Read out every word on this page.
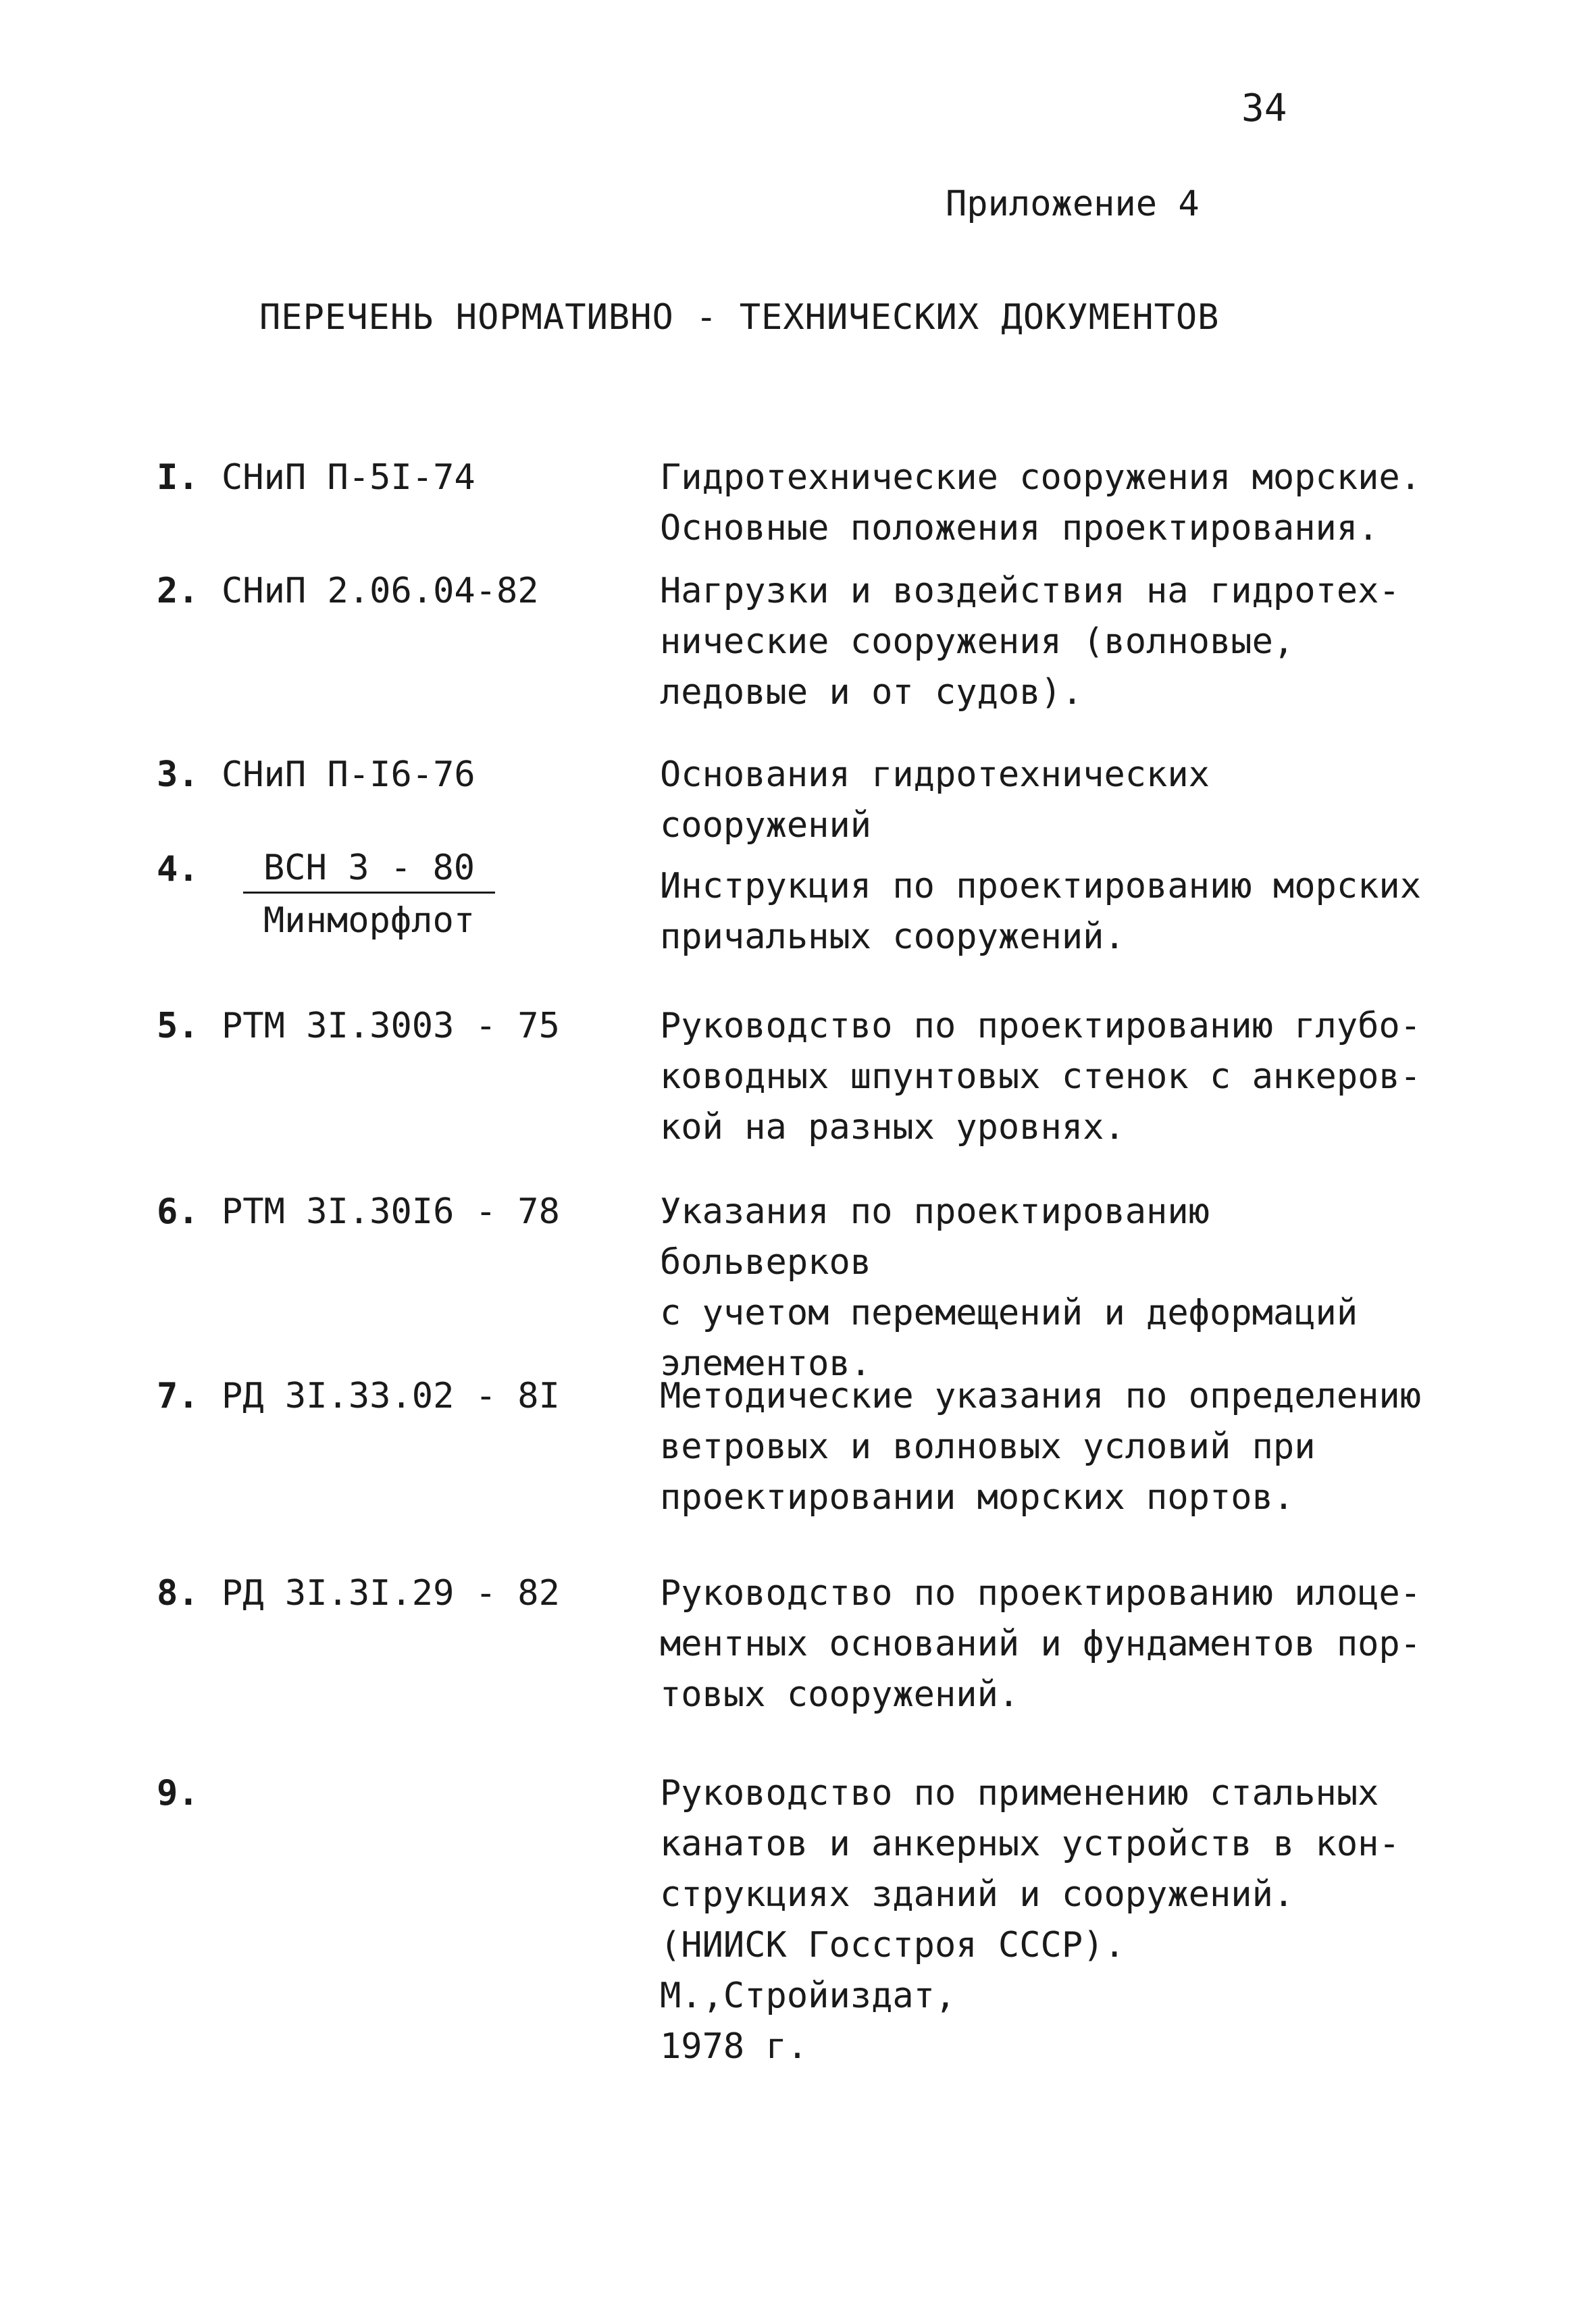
34
Приложение 4
ПЕРЕЧЕНЬ НОРМАТИВНО - ТЕХНИЧЕСКИХ ДОКУМЕНТОВ
I. СНиП П-5I-74	Гидротехнические сооружения морские.
Основные положения проектирования.
2. СНиП 2.06.04-82	Нагрузки и воздействия на гидротех-
нические сооружения (волновые,
ледовые и от судов).
3. СНиП П-I6-76	Основания гидротехнических сооружений
4.	ВСН 3 - 80
Минморфлот
Инструкция по проектированию морских
причальных сооружений.
5. РТМ 3I.3003 - 75	Руководство по проектированию глубо-
ководных шпунтовых стенок с анкеров-
кой на разных уровнях.
6. РТМ 3I.30I6 - 78	Указания по проектированию больверков
с учетом перемещений и деформаций
элементов.
7. РД 3I.33.02 - 8I	Методические указания по определению
ветровых и волновых условий при
проектировании морских портов.
8. РД 3I.3I.29 - 82	Руководство по проектированию илоце-
ментных оснований и фундаментов пор-
товых сооружений.
9.	Руководство по применению стальных
канатов и анкерных устройств в кон-
струкциях зданий и сооружений.
(НИИСК Госстроя СССР). М.,Стройиздат,
1978 г.
